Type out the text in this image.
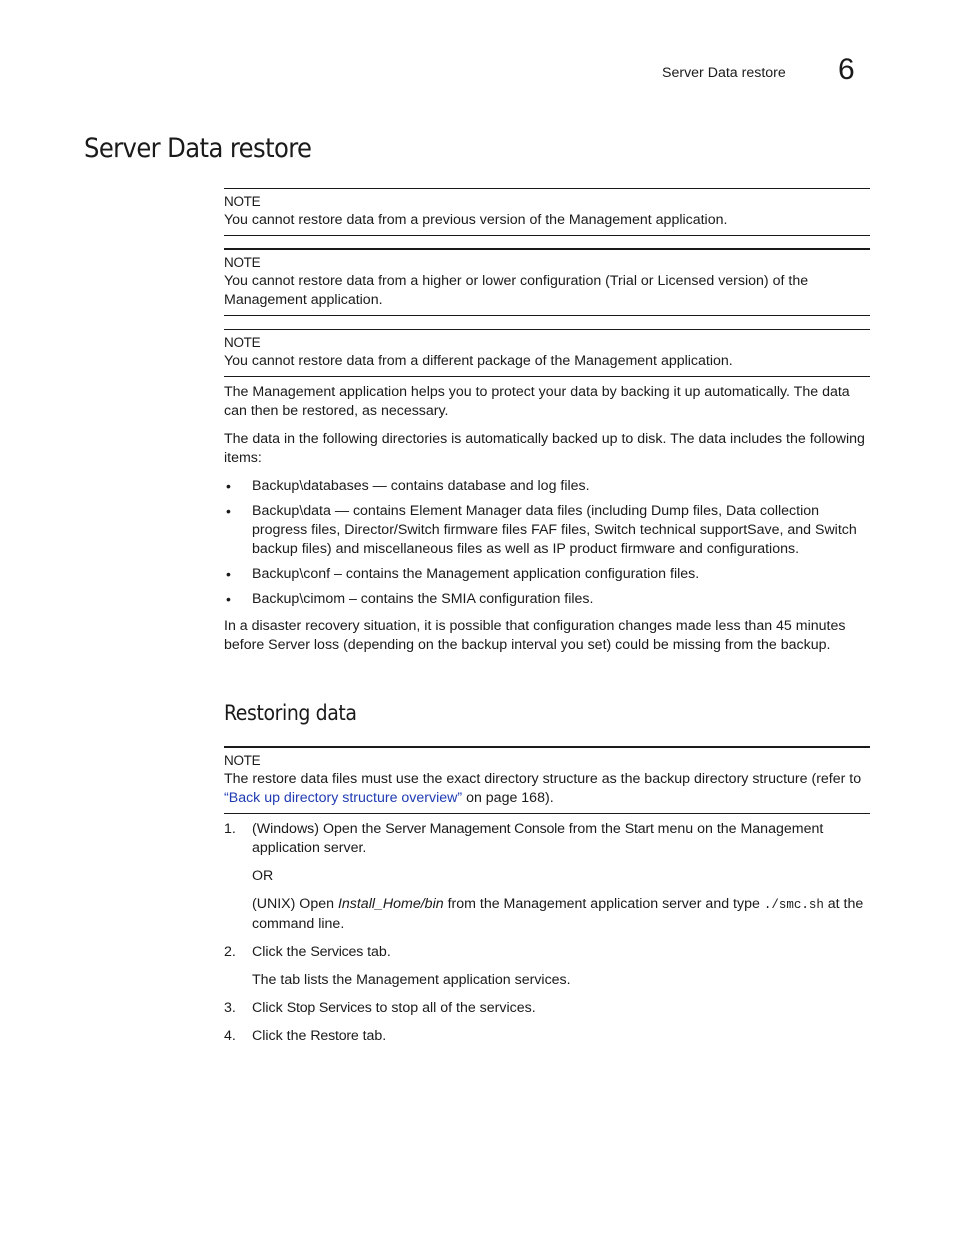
Server Data restore 6
Server Data restore
NOTE

You cannot restore data from a previous version of the Management application.

NOTE

You cannot restore data from a higher or lower configuration (Trial or Licensed version) of the Management application.

NOTE

You cannot restore data from a different package of the Management application.

The Management application helps you to protect your data by backing it up automatically. The data can then be restored, as necessary.

The data in the following directories is automatically backed up to disk. The data includes the following items:

• Backup\databases — contains database and log files.
• Backup\data — contains Element Manager data files (including Dump files, Data collection progress files, Director/Switch firmware files FAF files, Switch technical supportSave, and Switch backup files) and miscellaneous files as well as IP product firmware and configurations.
• Backup\conf – contains the Management application configuration files.
• Backup\cimom – contains the SMIA configuration files.

In a disaster recovery situation, it is possible that configuration changes made less than 45 minutes before Server loss (depending on the backup interval you set) could be missing from the backup.

Restoring data
NOTE

The restore data files must use the exact directory structure as the backup directory structure (refer to “Back up directory structure overview” on page 168).

1. (Windows) Open the Server Management Console from the Start menu on the Management application server.

OR

(UNIX) Open Install_Home/bin from the Management application server and type ./smc.sh at the command line.

2. Click the Services tab.

The tab lists the Management application services.

3. Click Stop Services to stop all of the services.

4. Click the Restore tab.
